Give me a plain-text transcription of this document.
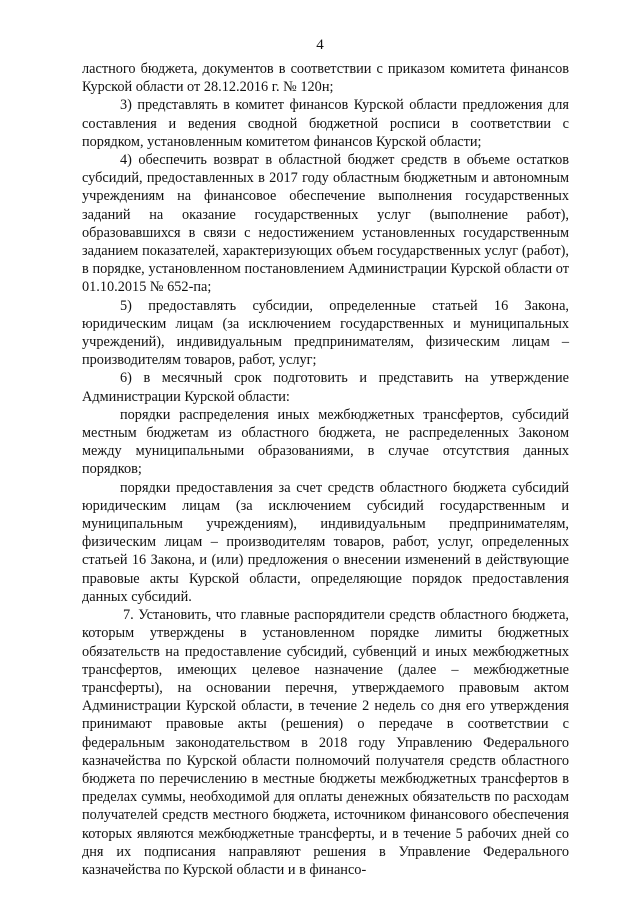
4

ластного бюджета, документов в соответствии с приказом комитета финансов Курской области от 28.12.2016 г. № 120н;

3) представлять в комитет финансов Курской области предложения для составления и ведения сводной бюджетной росписи в соответствии с порядком, установленным комитетом финансов Курской области;

4) обеспечить возврат в областной бюджет средств в объеме остатков субсидий, предоставленных в 2017 году областным бюджетным и автономным учреждениям на финансовое обеспечение выполнения государственных заданий на оказание государственных услуг (выполнение работ), образовавшихся в связи с недостижением установленных государственным заданием показателей, характеризующих объем государственных услуг (работ), в порядке, установленном постановлением Администрации Курской области от 01.10.2015 № 652-па;

5) предоставлять субсидии, определенные статьей 16 Закона, юридическим лицам (за исключением государственных и муниципальных учреждений), индивидуальным предпринимателям, физическим лицам – производителям товаров, работ, услуг;

6) в месячный срок подготовить и представить на утверждение Администрации Курской области:

порядки распределения иных межбюджетных трансфертов, субсидий местным бюджетам из областного бюджета, не распределенных Законом между муниципальными образованиями, в случае отсутствия данных порядков;

порядки предоставления за счет средств областного бюджета субсидий юридическим лицам (за исключением субсидий государственным и муниципальным учреждениям), индивидуальным предпринимателям, физическим лицам – производителям товаров, работ, услуг, определенных статьей 16 Закона, и (или) предложения о внесении изменений в действующие правовые акты Курской области, определяющие порядок предоставления данных субсидий.

7. Установить, что главные распорядители средств областного бюджета, которым утверждены в установленном порядке лимиты бюджетных обязательств на предоставление субсидий, субвенций и иных межбюджетных трансфертов, имеющих целевое назначение (далее – межбюджетные трансферты), на основании перечня, утверждаемого правовым актом Администрации Курской области, в течение 2 недель со дня его утверждения принимают правовые акты (решения) о передаче в соответствии с федеральным законодательством в 2018 году Управлению Федерального казначейства по Курской области полномочий получателя средств областного бюджета по перечислению в местные бюджеты межбюджетных трансфертов в пределах суммы, необходимой для оплаты денежных обязательств по расходам получателей средств местного бюджета, источником финансового обеспечения которых являются межбюджетные трансферты, и в течение 5 рабочих дней со дня их подписания направляют решения в Управление Федерального казначейства по Курской области и в финансо-
